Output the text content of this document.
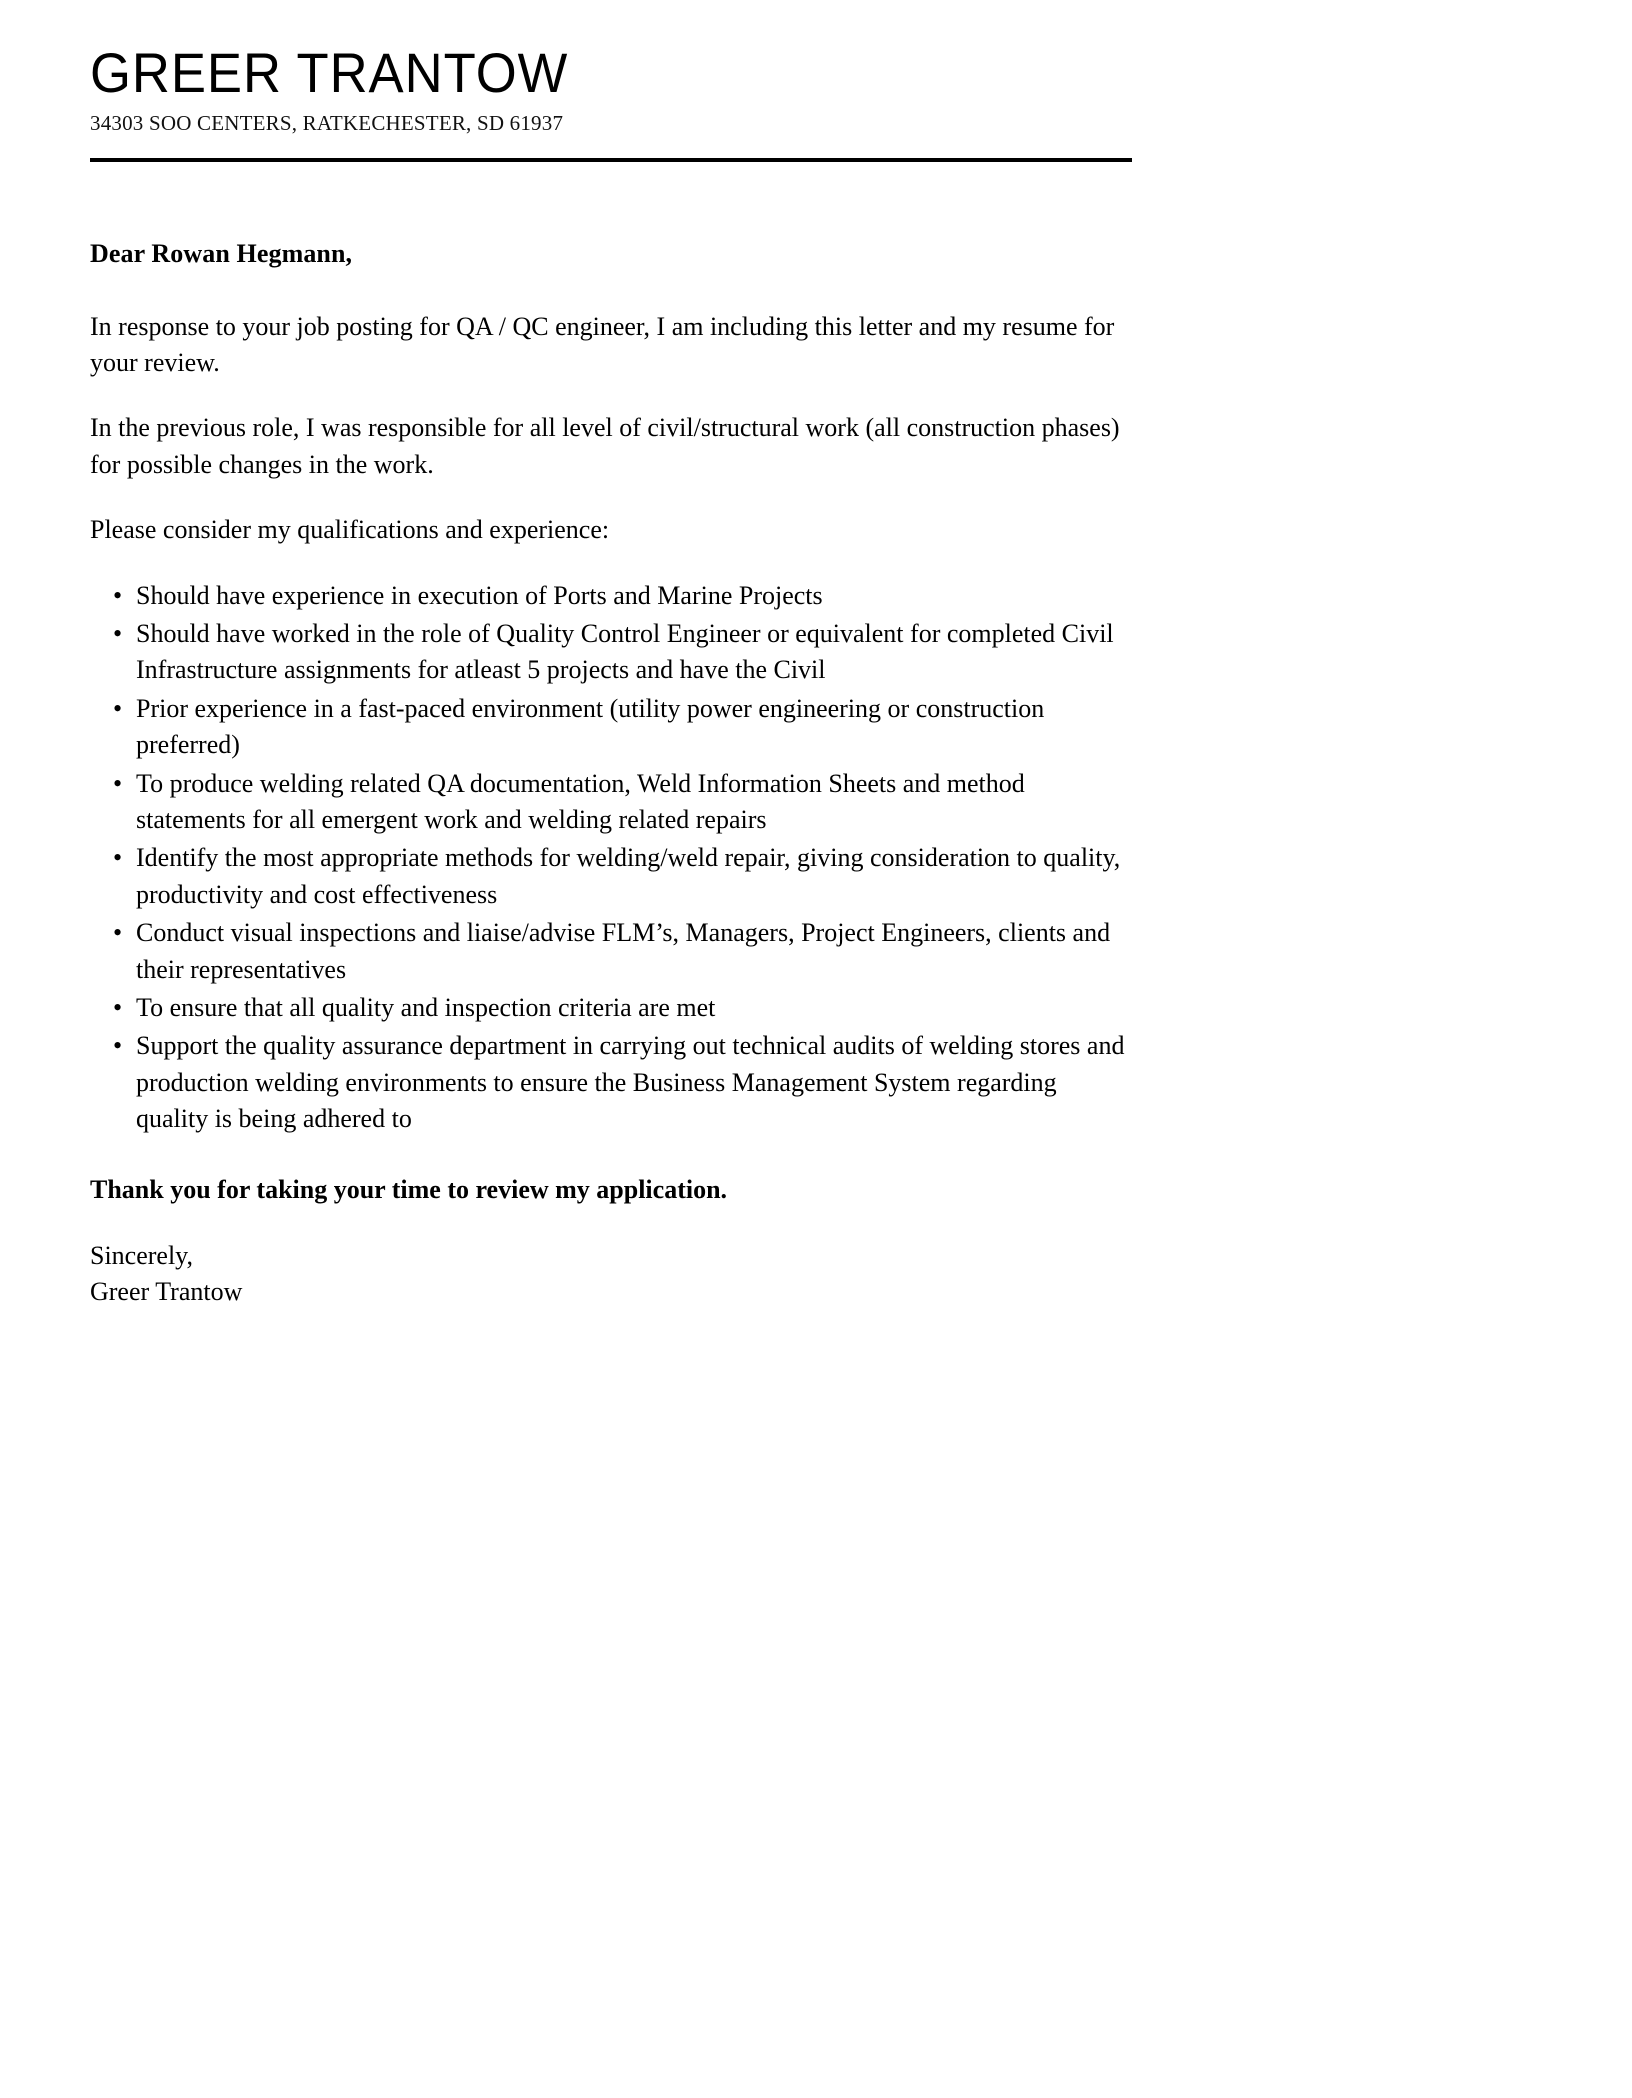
GREER TRANTOW
34303 SOO CENTERS, RATKECHESTER, SD 61937
Dear Rowan Hegmann,

In response to your job posting for QA / QC engineer, I am including this letter and my resume for your review.

In the previous role, I was responsible for all level of civil/structural work (all construction phases) for possible changes in the work.

Please consider my qualifications and experience:

• Should have experience in execution of Ports and Marine Projects
• Should have worked in the role of Quality Control Engineer or equivalent for completed Civil Infrastructure assignments for atleast 5 projects and have the Civil
• Prior experience in a fast-paced environment (utility power engineering or construction preferred)
• To produce welding related QA documentation, Weld Information Sheets and method statements for all emergent work and welding related repairs
• Identify the most appropriate methods for welding/weld repair, giving consideration to quality, productivity and cost effectiveness
• Conduct visual inspections and liaise/advise FLM’s, Managers, Project Engineers, clients and their representatives
• To ensure that all quality and inspection criteria are met
• Support the quality assurance department in carrying out technical audits of welding stores and production welding environments to ensure the Business Management System regarding quality is being adhered to
Thank you for taking your time to review my application.
Sincerely,
Greer Trantow
